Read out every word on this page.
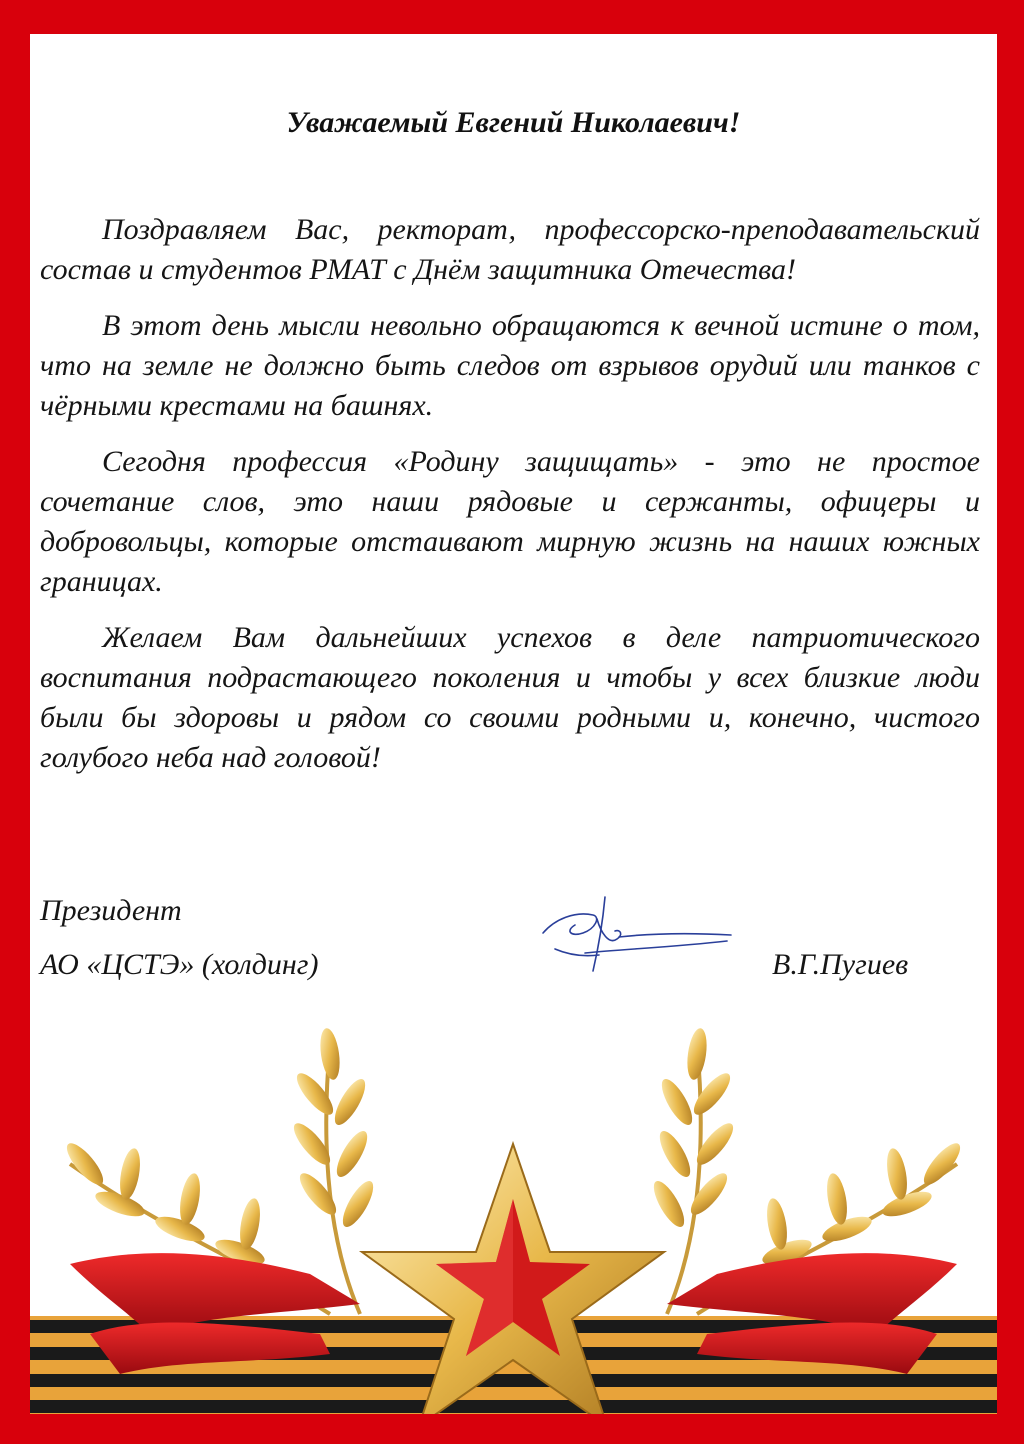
Уважаемый Евгений Николаевич!

Поздравляем Вас, ректорат, профессорско-преподавательский состав и студентов РМАТ с Днём защитника Отечества!

В этот день мысли невольно обращаются к вечной истине о том, что на земле не должно быть следов от взрывов орудий или танков с чёрными крестами на башнях.

Сегодня профессия «Родину защищать» - это не простое сочетание слов, это наши рядовые и сержанты, офицеры и добровольцы, которые отстаивают мирную жизнь на наших южных границах.

Желаем Вам дальнейших успехов в деле патриотического воспитания подрастающего поколения и чтобы у всех близкие люди были бы здоровы и рядом со своими родными и, конечно, чистого голубого неба над головой!

Президент
АО «ЦСТЭ» (холдинг)	В.Г.Пугиев
